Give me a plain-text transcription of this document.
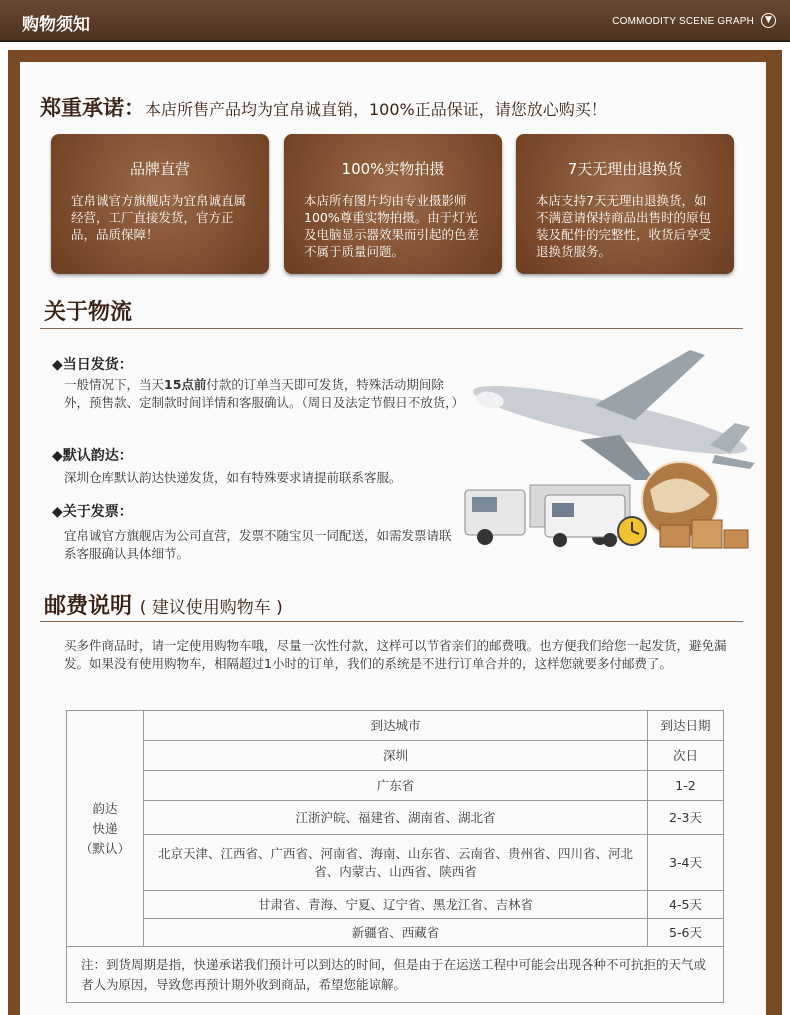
购物须知	COMMODITY SCENE GRAPH	▼
郑重承诺：本店所售产品均为宜帛诚直销，100%正品保证，请您放心购买！
品牌直营
宜帛诚官方旗舰店为宜帛诚直属经营，工厂直接发货，官方正品，品质保障！
100%实物拍摄
本店所有图片均由专业摄影师100%尊重实物拍摄。由于灯光及电脑显示器效果而引起的色差不属于质量问题。
7天无理由退换货
本店支持7天无理由退换货，如不满意请保持商品出售时的原包装及配件的完整性，收货后享受退换货服务。
关于物流
◆当日发货：
一般情况下，当天15点前付款的订单当天即可发货，特殊活动期间除外，预售款、定制款时间详情和客服确认。（周日及法定节假日不放货，）
◆默认韵达：
深圳仓库默认韵达快递发货，如有特殊要求请提前联系客服。
◆关于发票：
宜帛诚官方旗舰店为公司直营，发票不随宝贝一同配送，如需发票请联系客服确认具体细节。
邮费说明 ( 建议使用购物车 )
买多件商品时，请一定使用购物车哦，尽量一次性付款，这样可以节省亲们的邮费哦。也方便我们给您一起发货，避免漏发。如果没有使用购物车，相隔超过1小时的订单，我们的系统是不进行订单合并的，这样您就要多付邮费了。
韵达
快递
（默认）	到达城市	到达日期
	深圳	次日
	广东省	1-2
	江浙沪皖、福建省、湖南省、湖北省	2-3天
	北京天津、江西省、广西省、河南省、海南、山东省、云南省、贵州省、四川省、河北省、内蒙古、山西省、陕西省	3-4天
	甘肃省、青海、宁夏、辽宁省、黑龙江省、吉林省	4-5天
	新疆省、西藏省	5-6天
注：到货周期是指，快递承诺我们预计可以到达的时间，但是由于在运送工程中可能会出现各种不可抗拒的天气或者人为原因，导致您再预计期外收到商品，希望您能谅解。		
